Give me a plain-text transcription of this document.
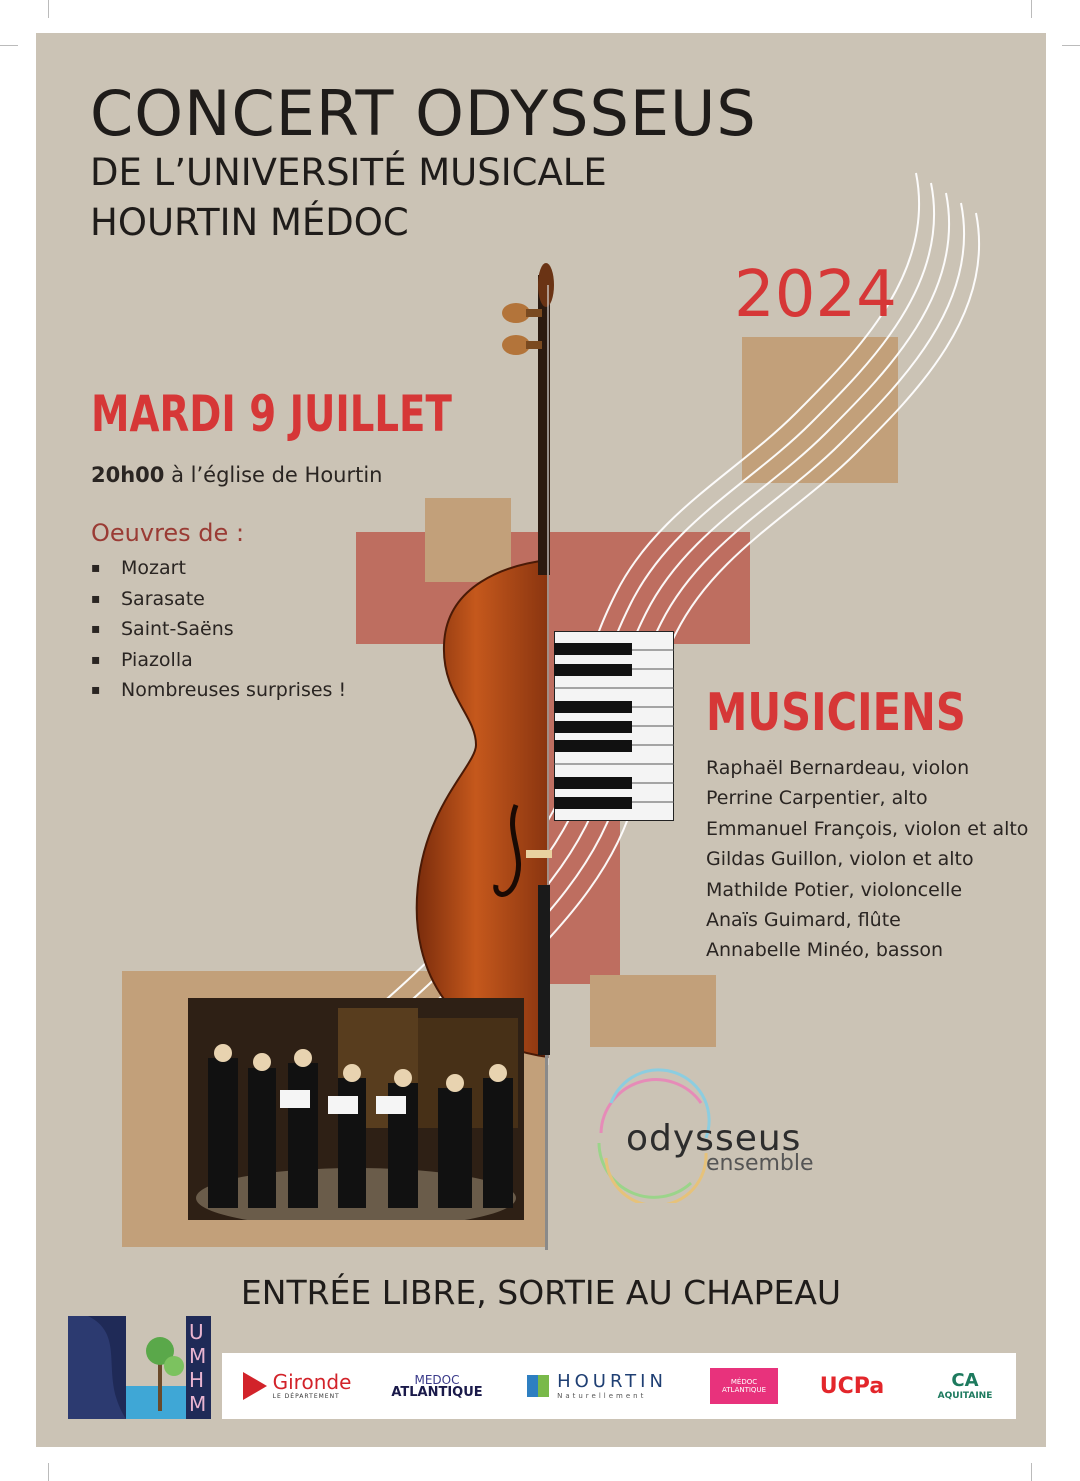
CONCERT ODYSSEUS
DE L’UNIVERSITÉ MUSICALE
HOURTIN MÉDOC
2024
MARDI 9 JUILLET
20h00 à l’église de Hourtin
Oeuvres de :
▪ Mozart
▪ Sarasate
▪ Saint-Saëns
▪ Piazolla
▪ Nombreuses surprises !	MUSICIENS
Raphaël Bernardeau, violon
Perrine Carpentier, alto
Emmanuel François, violon et alto
Gildas Guillon, violon et alto
Mathilde Potier, violoncelle
Anaïs Guimard, flûte
Annabelle Minéo, basson
odysseus
ensemble
ENTRÉE LIBRE, SORTIE AU CHAPEAU
UMHM
Gironde
LE DÉPARTEMENT
MEDOC
ATLANTIQUE
HOURTIN
Naturellement
MÉDOC ATLANTIQUE	UCPa	CA
AQUITAINE
